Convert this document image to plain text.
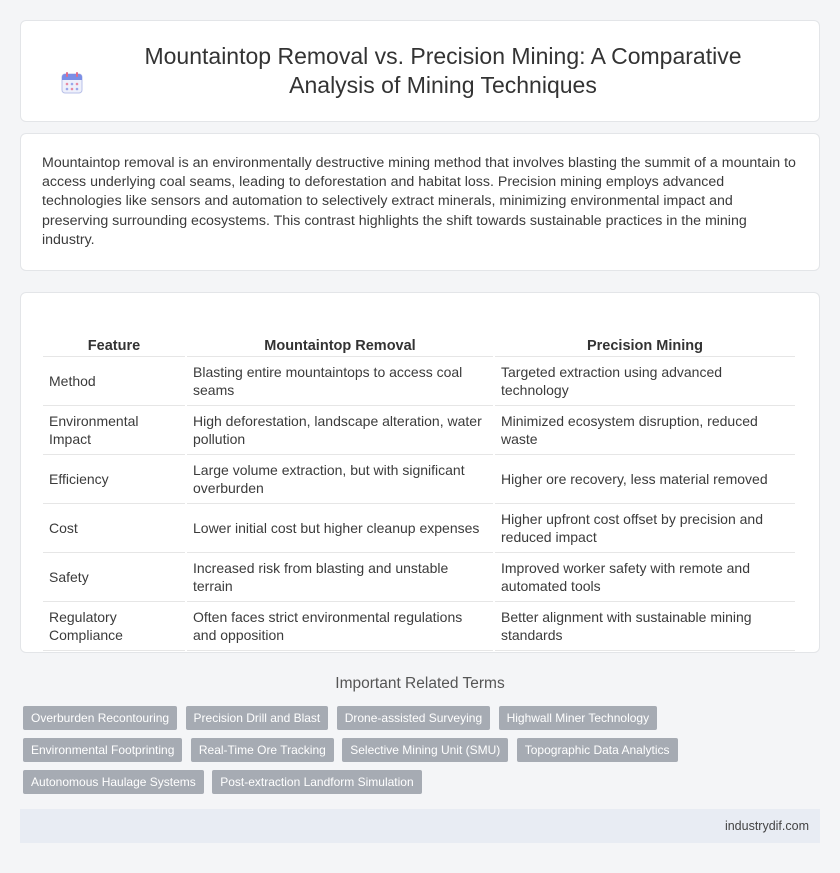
Mountaintop Removal vs. Precision Mining: A Comparative Analysis of Mining Techniques

Mountaintop removal is an environmentally destructive mining method that involves blasting the summit of a mountain to access underlying coal seams, leading to deforestation and habitat loss. Precision mining employs advanced technologies like sensors and automation to selectively extract minerals, minimizing environmental impact and preserving surrounding ecosystems. This contrast highlights the shift towards sustainable practices in the mining industry.

Feature	Mountaintop Removal	Precision Mining
Method	Blasting entire mountaintops to access coal seams	Targeted extraction using advanced technology
Environmental Impact	High deforestation, landscape alteration, water pollution	Minimized ecosystem disruption, reduced waste
Efficiency	Large volume extraction, but with significant overburden	Higher ore recovery, less material removed
Cost	Lower initial cost but higher cleanup expenses	Higher upfront cost offset by precision and reduced impact
Safety	Increased risk from blasting and unstable terrain	Improved worker safety with remote and automated tools
Regulatory Compliance	Often faces strict environmental regulations and opposition	Better alignment with sustainable mining standards
Important Related Terms
Overburden Recontouring Precision Drill and Blast Drone-assisted Surveying Highwall Miner Technology Environmental Footprinting Real-Time Ore Tracking Selective Mining Unit (SMU) Topographic Data Analytics Autonomous Haulage Systems Post-extraction Landform Simulation
industrydif.com
